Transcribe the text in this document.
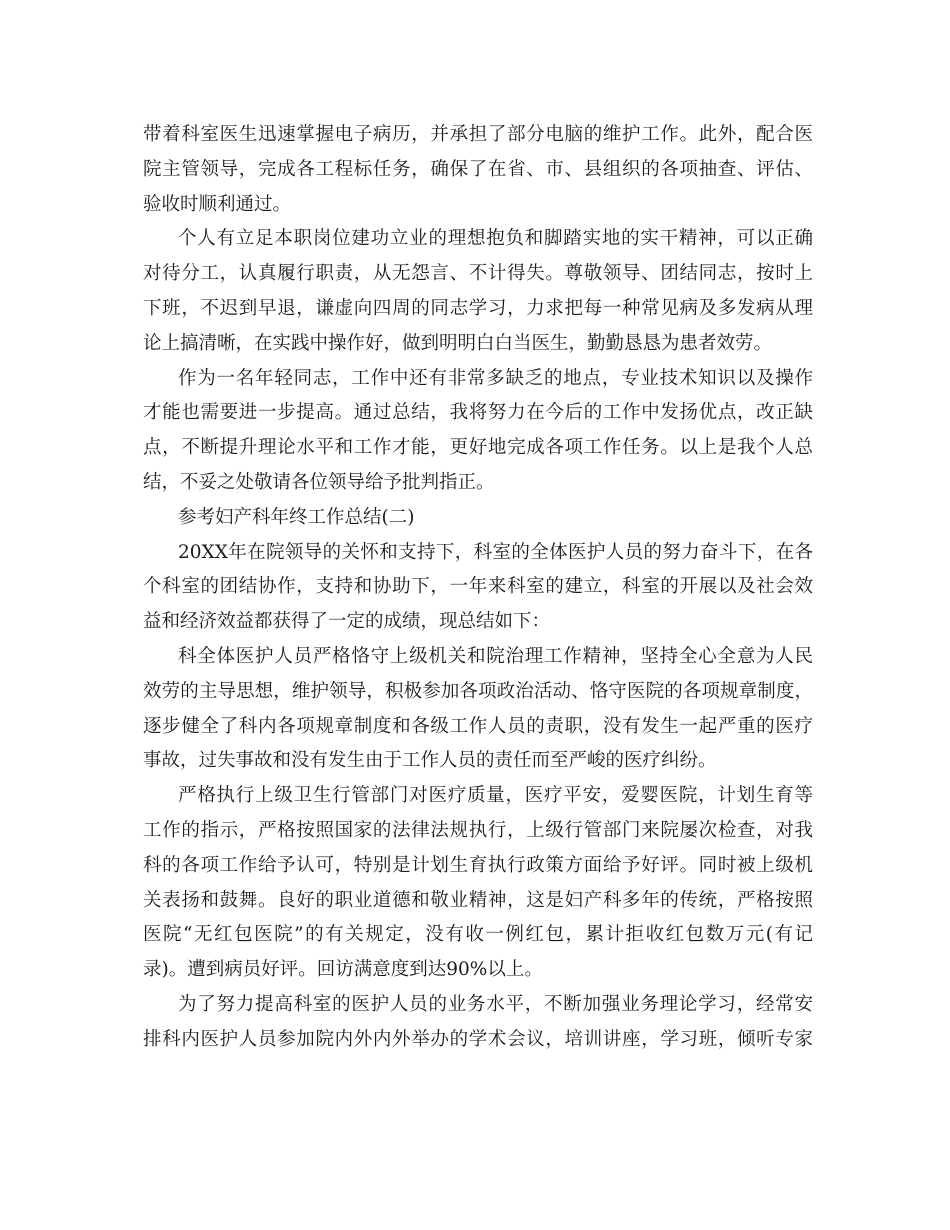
带着科室医生迅速掌握电子病历，并承担了部分电脑的维护工作。此外，配合医
院主管领导，完成各工程标任务，确保了在省、市、县组织的各项抽查、评估、
验收时顺利通过。
个人有立足本职岗位建功立业的理想抱负和脚踏实地的实干精神，可以正确
对待分工，认真履行职责，从无怨言、不计得失。尊敬领导、团结同志，按时上
下班，不迟到早退，谦虚向四周的同志学习，力求把每一种常见病及多发病从理
论上搞清晰，在实践中操作好，做到明明白白当医生，勤勤恳恳为患者效劳。
作为一名年轻同志，工作中还有非常多缺乏的地点，专业技术知识以及操作
才能也需要进一步提高。通过总结，我将努力在今后的工作中发扬优点，改正缺
点，不断提升理论水平和工作才能，更好地完成各项工作任务。以上是我个人总
结，不妥之处敬请各位领导给予批判指正。
参考妇产科年终工作总结(二)
20XX年在院领导的关怀和支持下，科室的全体医护人员的努力奋斗下，在各
个科室的团结协作，支持和协助下，一年来科室的建立，科室的开展以及社会效
益和经济效益都获得了一定的成绩，现总结如下：
科全体医护人员严格恪守上级机关和院治理工作精神，坚持全心全意为人民
效劳的主导思想，维护领导，积极参加各项政治活动、恪守医院的各项规章制度，
逐步健全了科内各项规章制度和各级工作人员的责职，没有发生一起严重的医疗
事故，过失事故和没有发生由于工作人员的责任而至严峻的医疗纠纷。
严格执行上级卫生行管部门对医疗质量，医疗平安，爱婴医院，计划生育等
工作的指示，严格按照国家的法律法规执行，上级行管部门来院屡次检查，对我
科的各项工作给予认可，特别是计划生育执行政策方面给予好评。同时被上级机
关表扬和鼓舞。良好的职业道德和敬业精神，这是妇产科多年的传统，严格按照
医院“无红包医院”的有关规定，没有收一例红包，累计拒收红包数万元(有记
录)。遭到病员好评。回访满意度到达90%以上。
为了努力提高科室的医护人员的业务水平，不断加强业务理论学习，经常安
排科内医护人员参加院内外内外举办的学术会议，培训讲座，学习班，倾听专家
